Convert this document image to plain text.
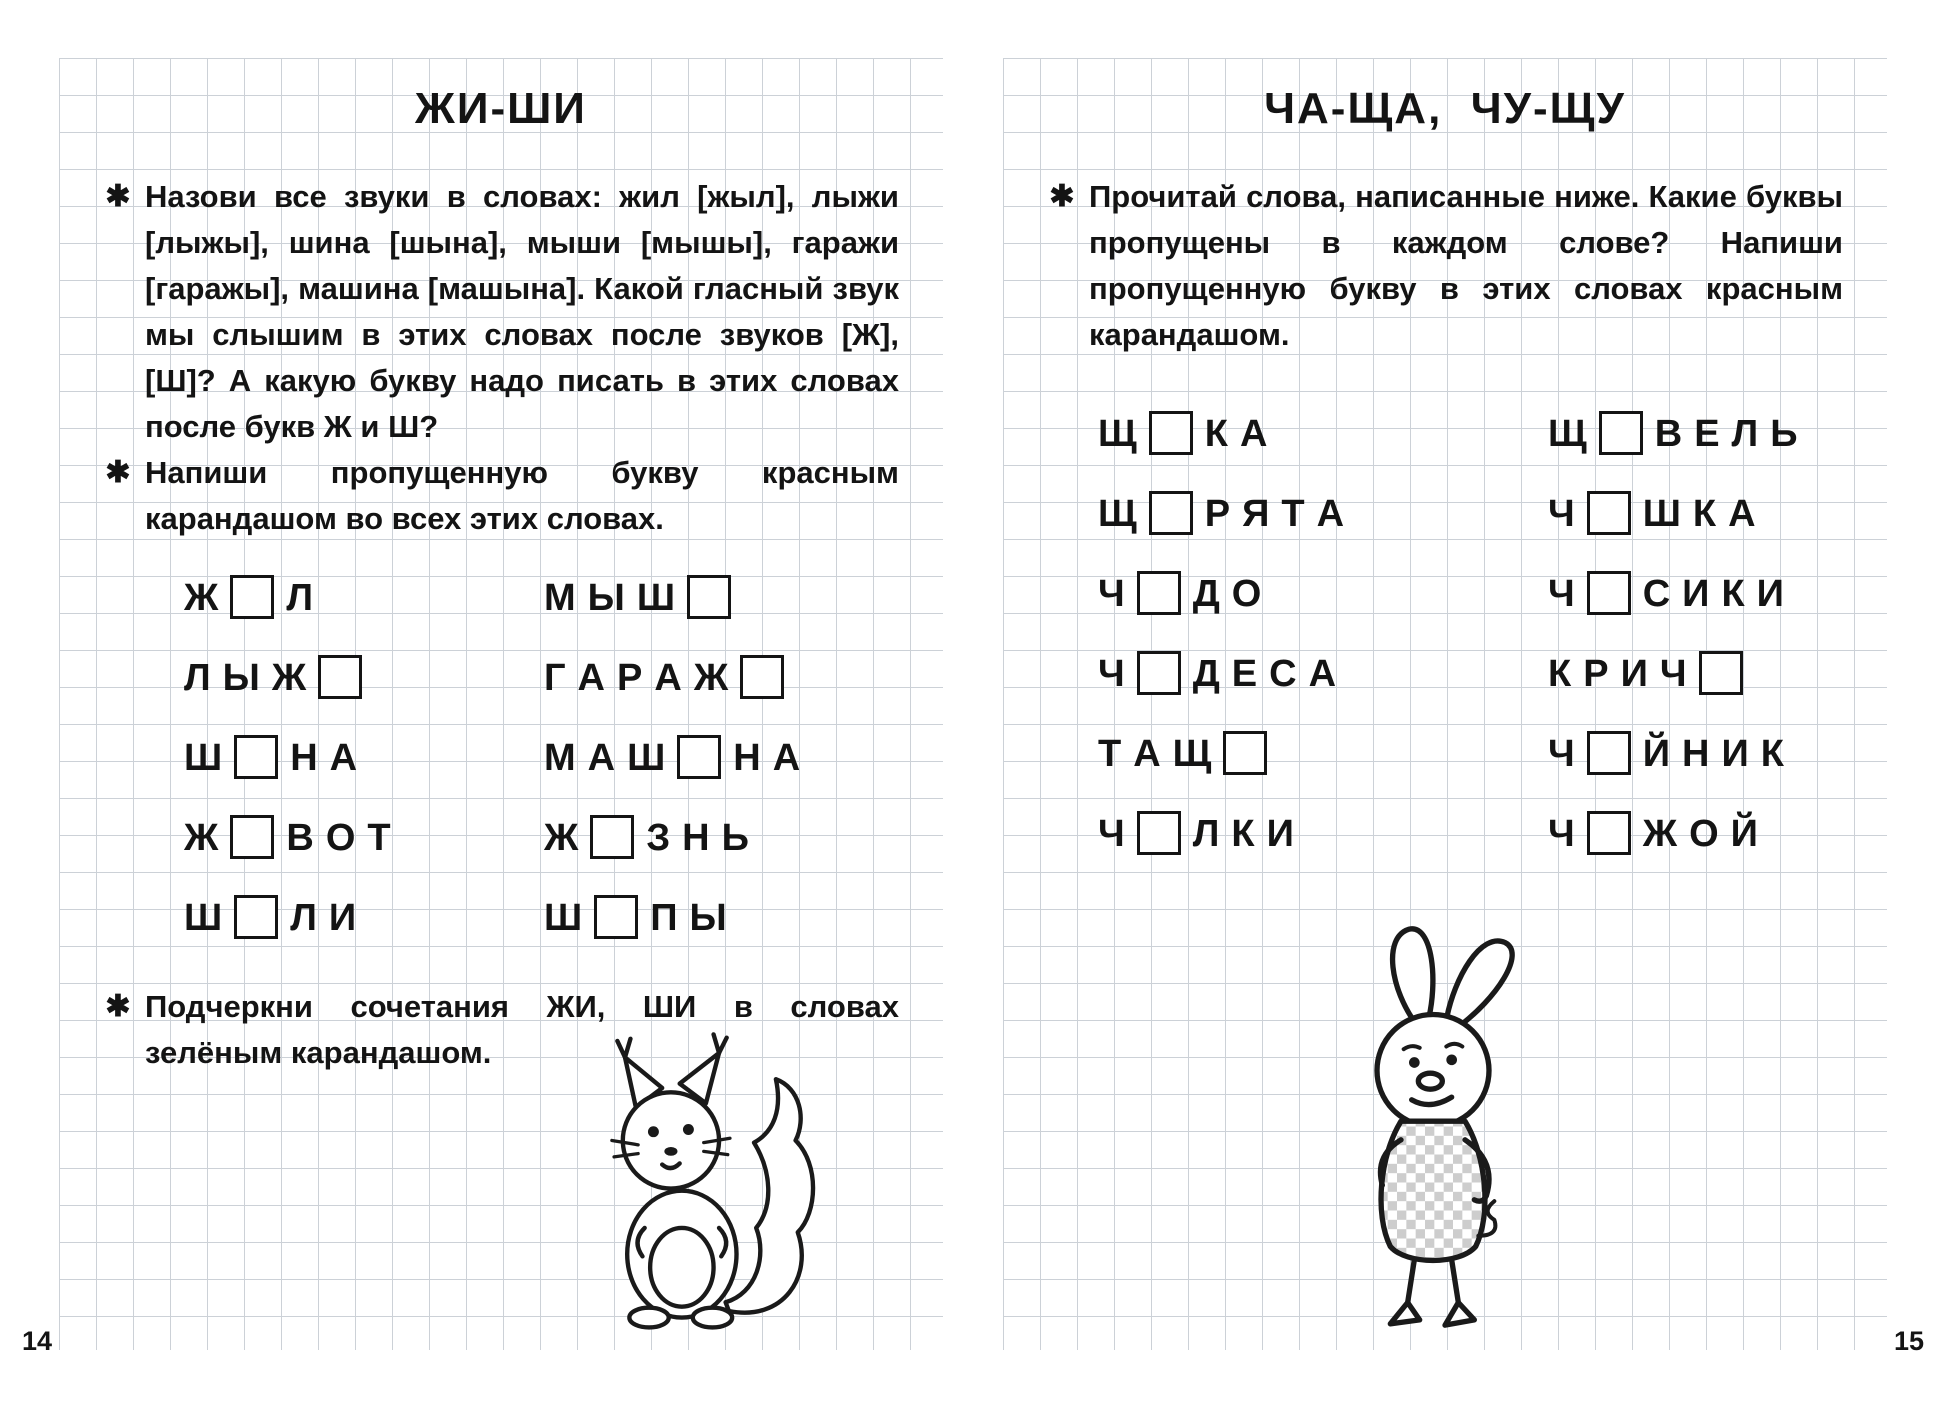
ЖИ-ШИ
✱ Назови все звуки в словах: жил [жыл], лыжи [лыжы], шина [шына], мыши [мышы], гаражи [гаражы], машина [машына]. Какой гласный звук мы слышим в этих словах после звуков [Ж], [Ш]? А какую букву надо писать в этих словах после букв Ж и Ш?
✱ Напиши пропущенную букву красным карандашом во всех этих словах.
Ж Л	М Ы Ш
Л Ы Ж	Г А Р А Ж
Ш Н А	М А Ш Н А
Ж В О Т	Ж З Н Ь
Ш Л И	Ш П Ы
✱ Подчеркни сочетания ЖИ, ШИ в словах зелёным карандашом.
ЧА-ЩА,  ЧУ-ЩУ
✱ Прочитай слова, написанные ниже. Какие буквы пропущены в каждом слове? Напиши пропущенную букву в этих словах красным карандашом.
Щ К А	Щ В Е Л Ь
Щ Р Я Т А	Ч Ш К А
Ч Д О	Ч С И К И
Ч Д Е С А	К Р И Ч
Т А Щ	Ч Й Н И К
Ч Л К И	Ч Ж О Й
14	15
